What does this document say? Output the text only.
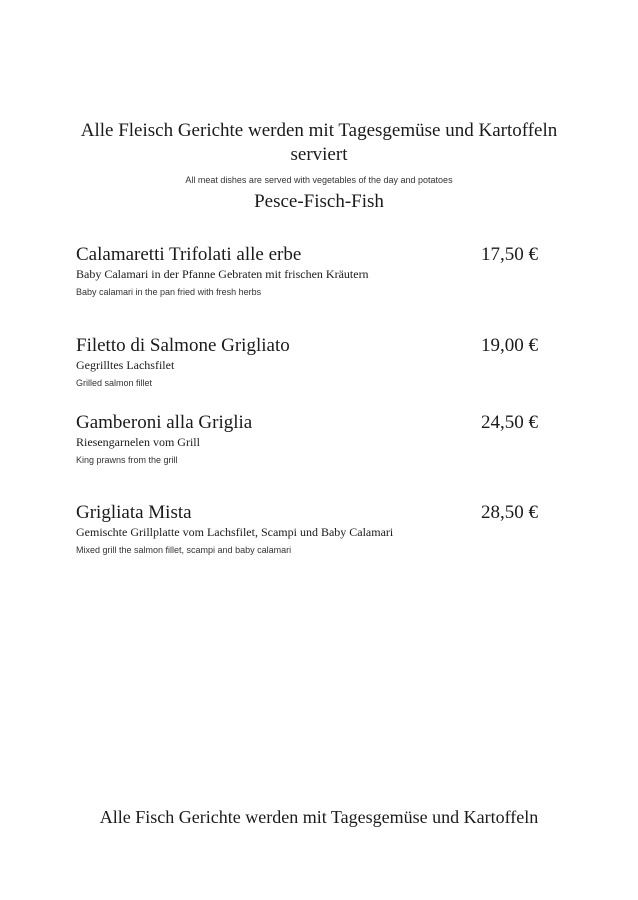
Alle Fleisch Gerichte werden mit Tagesgemüse und Kartoffeln serviert
All meat dishes are served with vegetables of the day and potatoes
Pesce-Fisch-Fish
Calamaretti Trifolati alle erbe	17,50 €
Baby Calamari in der Pfanne Gebraten mit frischen Kräutern
Baby calamari in the pan fried with fresh herbs
Filetto di Salmone Grigliato	19,00 €
Gegrilltes Lachsfilet
Grilled salmon fillet
Gamberoni alla Griglia	24,50 €
Riesengarnelen vom Grill
King prawns from the grill
Grigliata Mista	28,50 €
Gemischte Grillplatte vom Lachsfilet, Scampi und Baby Calamari
Mixed grill the salmon fillet, scampi and baby calamari
Alle Fisch Gerichte werden mit Tagesgemüse und Kartoffeln
